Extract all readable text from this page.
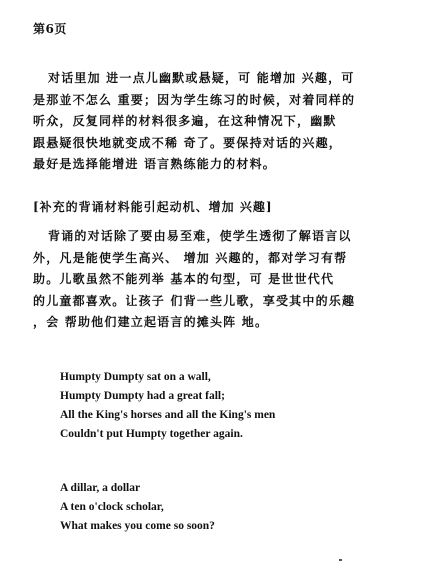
第6页
对话里加 进一点儿幽默或悬疑，可 能增加 兴趣，可
是那並不怎么 重要；因为学生练习的时候，对着同样的
听众，反复同样的材料很多遍，在这种情况下，幽默
跟悬疑很快地就变成不稀 奇了。要保持对话的兴趣，
最好是选择能增进 语言熟练能力的材料。
[补充的背诵材料能引起动机、增加 兴趣]
背诵的对话除了要由易至难，使学生透彻了解语言以
外，凡是能使学生高兴、 增加 兴趣的，都对学习有帮
助。儿歌虽然不能列举 基本的句型，可 是世世代代
的儿童都喜欢。让孩子 们背一些儿歌，享受其中的乐趣
，会 帮助他们建立起语言的摊头阵 地。
Humpty Dumpty sat on a wall,
Humpty Dumpty had a great fall;
All the King's horses and all the King's men
Couldn't put Humpty together again.
A dillar, a dollar
A ten o'clock scholar,
What makes you come so soon?
